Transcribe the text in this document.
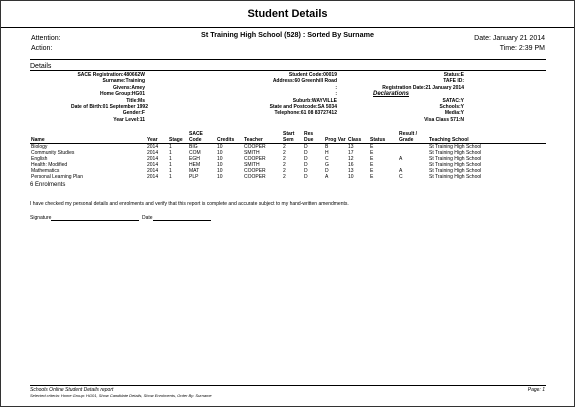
Student Details
Attention:
Action:
St Training High School (528) : Sorted By Surname	Date: January 21 2014
Time: 2:39 PM
Details
SACE Registration:480662W
Surname:Training
Givens:Amey
Home Group:HG01
Title:Ms
Date of Birth:01 September 1992
Gender:F
Year Level:11
Student Code:00019
Address:60 Greenhill Road
:
:
Suburb:WAYVILLE
State and Postcode:SA 5034
Telephone:61 08 83727412
Status:E
TAFE ID:
Registration Date:21 January 2014
Declarations
SATAC:Y
Schools:Y
Media:Y
Visa Class 571:N
Name	Year	Stage	SACE Code	Credits	Teacher	Start Sem	Res Due	Prog Var	Class	Status	Result / Grade	Teaching School
Biology	2014	1	BIG	10	COOPER	2	D	B	13	E		St Training High School
Community Studies	2014	1	COM	10	SMITH	2	D	H	17	E		St Training High School
English	2014	1	EGH	10	COOPER	2	D	C	12	E	A	St Training High School
Health: Modified	2014	1	HEM	10	SMITH	2	D	G	16	E		St Training High School
Mathematics	2014	1	MAT	10	COOPER	2	D	D	13	E	A	St Training High School
Personal Learning Plan	2014	1	PLP	10	COOPER	2	D	A	10	E	C	St Training High School
6 Enrolments
I have checked my personal details and enrolments and verify that this report is complete and accurate subject to my hand-written amendments.
Signature	Date
Schools Online Student Details report
Selected criteria: Home Group: HG01, Show Candidate Details, Show Enrolments, Order By: Surname
Page: 1
